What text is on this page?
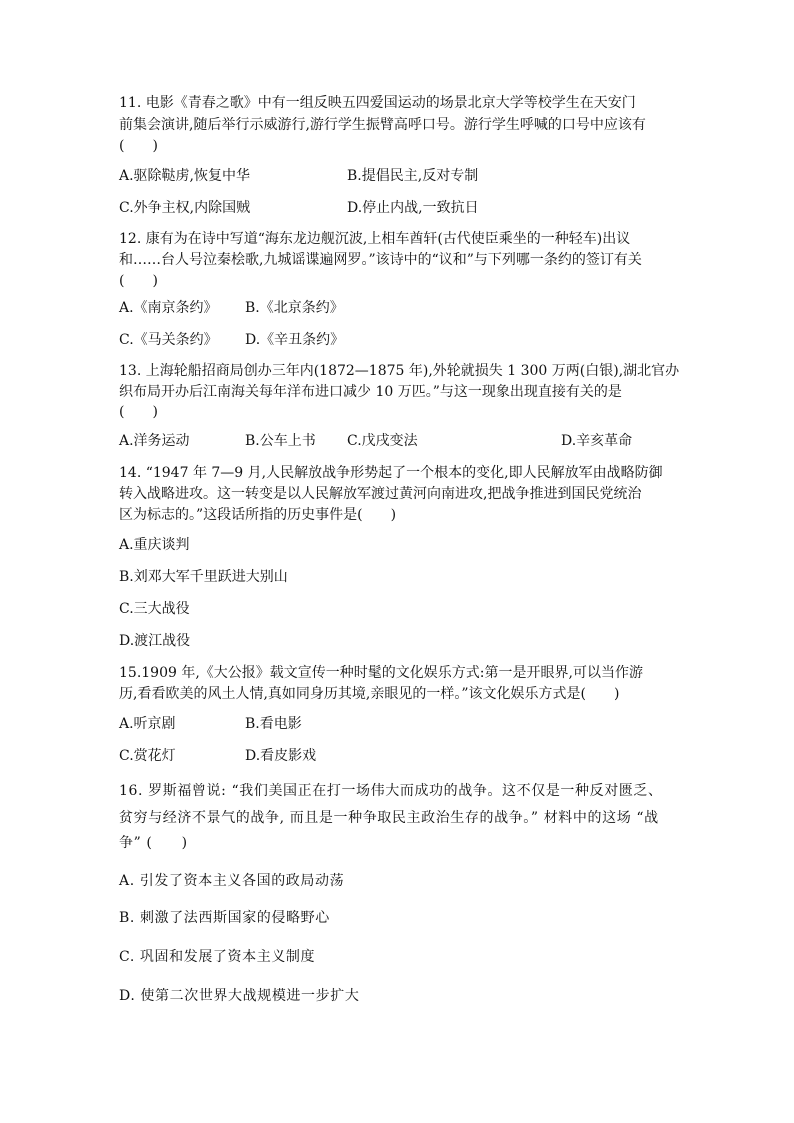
11. 电影《青春之歌》中有一组反映五四爱国运动的场景北京大学等校学生在天安门
前集会演讲,随后举行示威游行,游行学生振臂高呼口号。游行学生呼喊的口号中应该有
(　　)
A.驱除鞑虏,恢复中华	B.提倡民主,反对专制
C.外争主权,内除国贼	D.停止内战,一致抗日
12. 康有为在诗中写道“海东龙边舰沉波,上相车酋轩(古代使臣乘坐的一种轻车)出议
和……台人号泣秦桧歌,九城谣谍遍网罗。”该诗中的“议和”与下列哪一条约的签订有关
(　　)
A.《南京条约》 B.《北京条约》
C.《马关条约》 D.《辛丑条约》
13. 上海轮船招商局创办三年内(1872—1875 年),外轮就损失 1 300 万两(白银),湖北官办
织布局开办后江南海关每年洋布进口减少 10 万匹。”与这一现象出现直接有关的是
(　　)
A.洋务运动	B.公车上书 C.戊戌变法	D.辛亥革命
14. “1947 年 7—9 月,人民解放战争形势起了一个根本的变化,即人民解放军由战略防御
转入战略进攻。这一转变是以人民解放军渡过黄河向南进攻,把战争推进到国民党统治
区为标志的。”这段话所指的历史事件是(　　)
A.重庆谈判
B.刘邓大军千里跃进大别山
C.三大战役
D.渡江战役
15.1909 年,《大公报》载文宣传一种时髦的文化娱乐方式:第一是开眼界,可以当作游
历,看看欧美的风土人情,真如同身历其境,亲眼见的一样。”该文化娱乐方式是(　　)
A.听京剧	B.看电影
C.赏花灯	D.看皮影戏
16. 罗斯福曾说: “我们美国正在打一场伟大而成功的战争。这不仅是一种反对匮乏、
贫穷与经济不景气的战争, 而且是一种争取民主政治生存的战争。” 材料中的这场 “战
争” (　　)
A. 引发了资本主义各国的政局动荡
B. 刺激了法西斯国家的侵略野心
C. 巩固和发展了资本主义制度
D. 使第二次世界大战规模进一步扩大
